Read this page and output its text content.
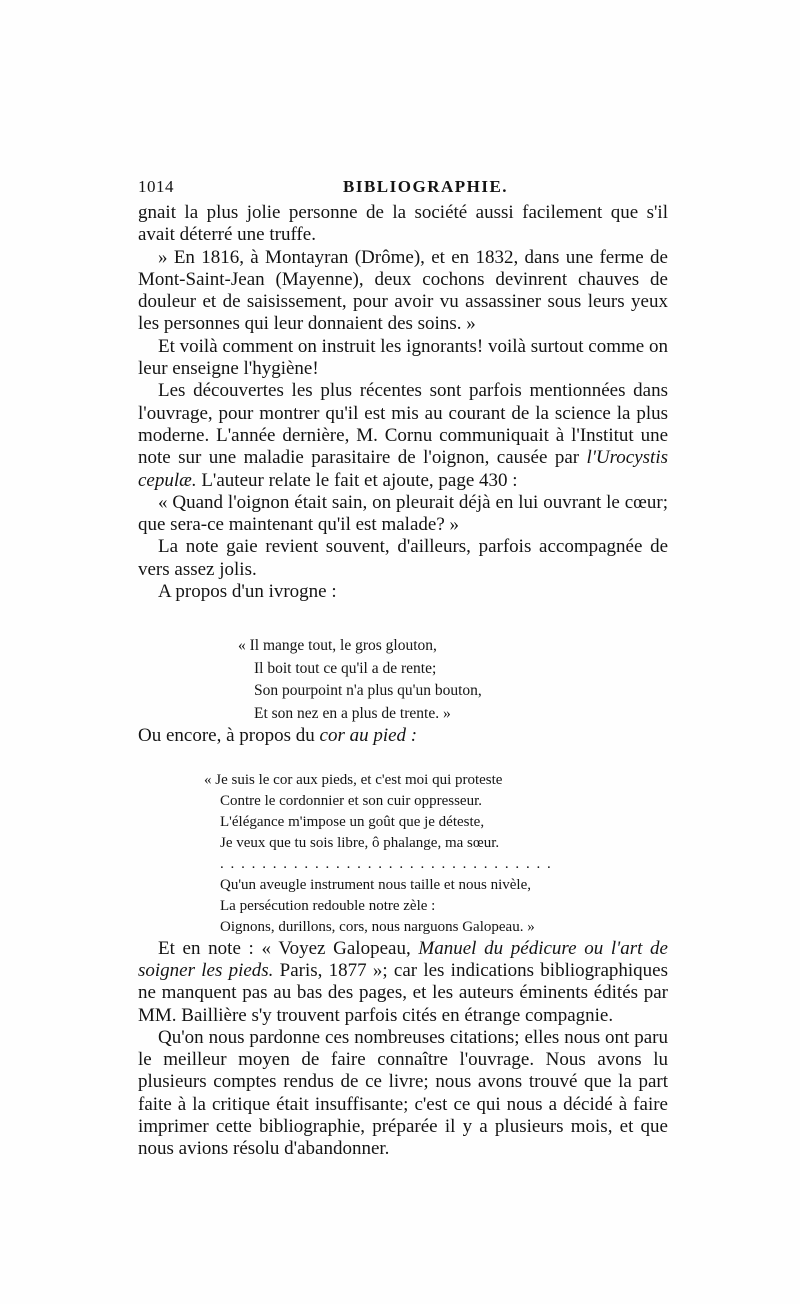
1014	BIBLIOGRAPHIE.

gnait la plus jolie personne de la société aussi facilement que s'il avait déterré une truffe.

» En 1816, à Montayran (Drôme), et en 1832, dans une ferme de Mont-Saint-Jean (Mayenne), deux cochons devinrent chauves de douleur et de saisissement, pour avoir vu assassiner sous leurs yeux les personnes qui leur donnaient des soins. »

Et voilà comment on instruit les ignorants! voilà surtout comme on leur enseigne l'hygiène!

Les découvertes les plus récentes sont parfois mentionnées dans l'ouvrage, pour montrer qu'il est mis au courant de la science la plus moderne. L'année dernière, M. Cornu communiquait à l'Institut une note sur une maladie parasitaire de l'oignon, causée par l'Urocystis cepulæ. L'auteur relate le fait et ajoute, page 430 :

« Quand l'oignon était sain, on pleurait déjà en lui ouvrant le cœur; que sera-ce maintenant qu'il est malade? »

La note gaie revient souvent, d'ailleurs, parfois accompagnée de vers assez jolis.

A propos d'un ivrogne :

« Il mange tout, le gros glouton,
Il boit tout ce qu'il a de rente;
Son pourpoint n'a plus qu'un bouton,
Et son nez en a plus de trente. »

Ou encore, à propos du cor au pied :

« Je suis le cor aux pieds, et c'est moi qui proteste
Contre le cordonnier et son cuir oppresseur.
L'élégance m'impose un goût que je déteste,
Je veux que tu sois libre, ô phalange, ma sœur.
................................
Qu'un aveugle instrument nous taille et nous nivèle,
La persécution redouble notre zèle :
Oignons, durillons, cors, nous narguons Galopeau. »

Et en note : « Voyez Galopeau, Manuel du pédicure ou l'art de soigner les pieds. Paris, 1877 »; car les indications bibliographiques ne manquent pas au bas des pages, et les auteurs éminents édités par MM. Baillière s'y trouvent parfois cités en étrange compagnie.

Qu'on nous pardonne ces nombreuses citations; elles nous ont paru le meilleur moyen de faire connaître l'ouvrage. Nous avons lu plusieurs comptes rendus de ce livre; nous avons trouvé que la part faite à la critique était insuffisante; c'est ce qui nous a décidé à faire imprimer cette bibliographie, préparée il y a plusieurs mois, et que nous avions résolu d'abandonner.
